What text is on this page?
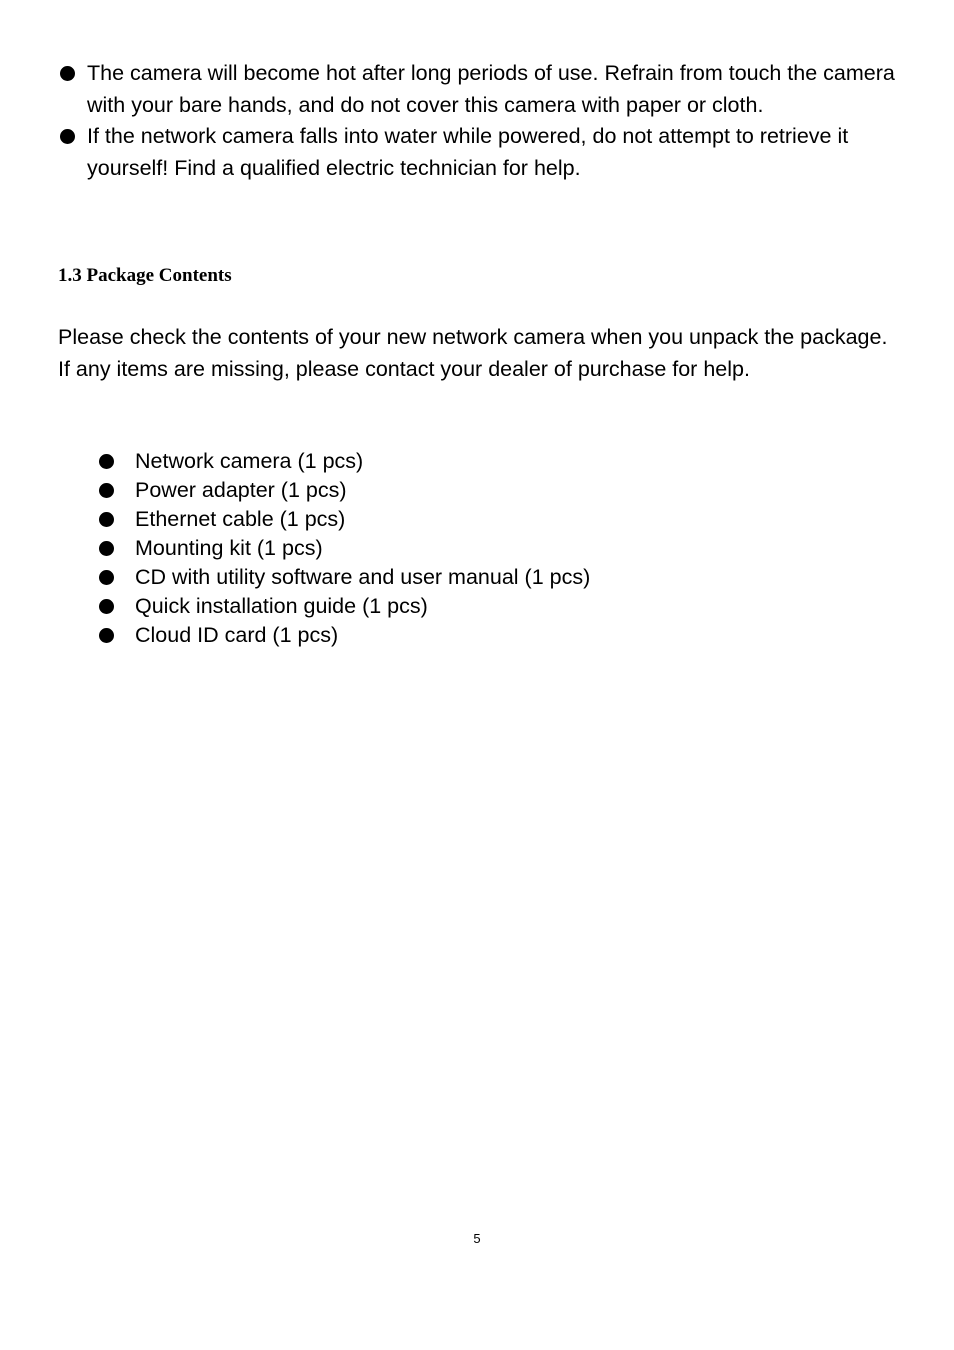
The camera will become hot after long periods of use. Refrain from touch the camera with your bare hands, and do not cover this camera with paper or cloth.
If the network camera falls into water while powered, do not attempt to retrieve it yourself! Find a qualified electric technician for help.
1.3 Package Contents

Please check the contents of your new network camera when you unpack the package. If any items are missing, please contact your dealer of purchase for help.

Network camera (1 pcs)
Power adapter (1 pcs)
Ethernet cable (1 pcs)
Mounting kit (1 pcs)
CD with utility software and user manual (1 pcs)
Quick installation guide (1 pcs)
Cloud ID card (1 pcs)
5
